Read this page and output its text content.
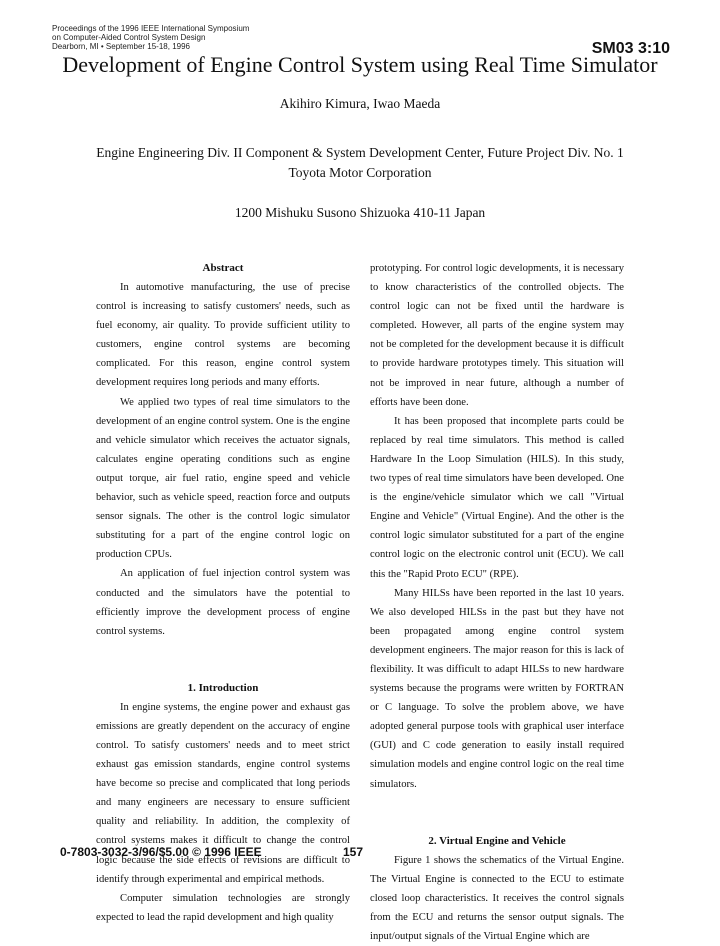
Proceedings of the 1996 IEEE International Symposium
on Computer-Aided Control System Design
Dearborn, MI • September 15-18, 1996	SM03 3:10
Development of Engine Control System using Real Time Simulator
Akihiro Kimura, Iwao Maeda
Engine Engineering Div. II Component & System Development Center, Future Project Div. No. 1
Toyota Motor Corporation
1200 Mishuku Susono Shizuoka 410-11 Japan
Abstract

In automotive manufacturing, the use of precise control is increasing to satisfy customers' needs, such as fuel economy, air quality. To provide sufficient utility to customers, engine control systems are becoming complicated. For this reason, engine control system development requires long periods and many efforts.

We applied two types of real time simulators to the development of an engine control system. One is the engine and vehicle simulator which receives the actuator signals, calculates engine operating conditions such as engine output torque, air fuel ratio, engine speed and vehicle behavior, such as vehicle speed, reaction force and outputs sensor signals. The other is the control logic simulator substituting for a part of the engine control logic on production CPUs.

An application of fuel injection control system was conducted and the simulators have the potential to efficiently improve the development process of engine control systems.

1. Introduction

In engine systems, the engine power and exhaust gas emissions are greatly dependent on the accuracy of engine control. To satisfy customers' needs and to meet strict exhaust gas emission standards, engine control systems have become so precise and complicated that long periods and many engineers are necessary to ensure sufficient quality and reliability. In addition, the complexity of control systems makes it difficult to change the control logic because the side effects of revisions are difficult to identify through experimental and empirical methods.

Computer simulation technologies are strongly expected to lead the rapid development and high quality

prototyping. For control logic developments, it is necessary to know characteristics of the controlled objects. The control logic can not be fixed until the hardware is completed. However, all parts of the engine system may not be completed for the development because it is difficult to provide hardware prototypes timely. This situation will not be improved in near future, although a number of efforts have been done.

It has been proposed that incomplete parts could be replaced by real time simulators. This method is called Hardware In the Loop Simulation (HILS). In this study, two types of real time simulators have been developed. One is the engine/vehicle simulator which we call "Virtual Engine and Vehicle" (Virtual Engine). And the other is the control logic simulator substituted for a part of the engine control logic on the electronic control unit (ECU). We call this the "Rapid Proto ECU" (RPE).

Many HILSs have been reported in the last 10 years. We also developed HILSs in the past but they have not been propagated among engine control system development engineers. The major reason for this is lack of flexibility. It was difficult to adapt HILSs to new hardware systems because the programs were written by FORTRAN or C language. To solve the problem above, we have adopted general purpose tools with graphical user interface (GUI) and C code generation to easily install required simulation models and engine control logic on the real time simulators.

2. Virtual Engine and Vehicle

Figure 1 shows the schematics of the Virtual Engine. The Virtual Engine is connected to the ECU to estimate closed loop characteristics. It receives the control signals from the ECU and returns the sensor output signals. The input/output signals of the Virtual Engine which are

0-7803-3032-3/96/$5.00 © 1996 IEEE	157
